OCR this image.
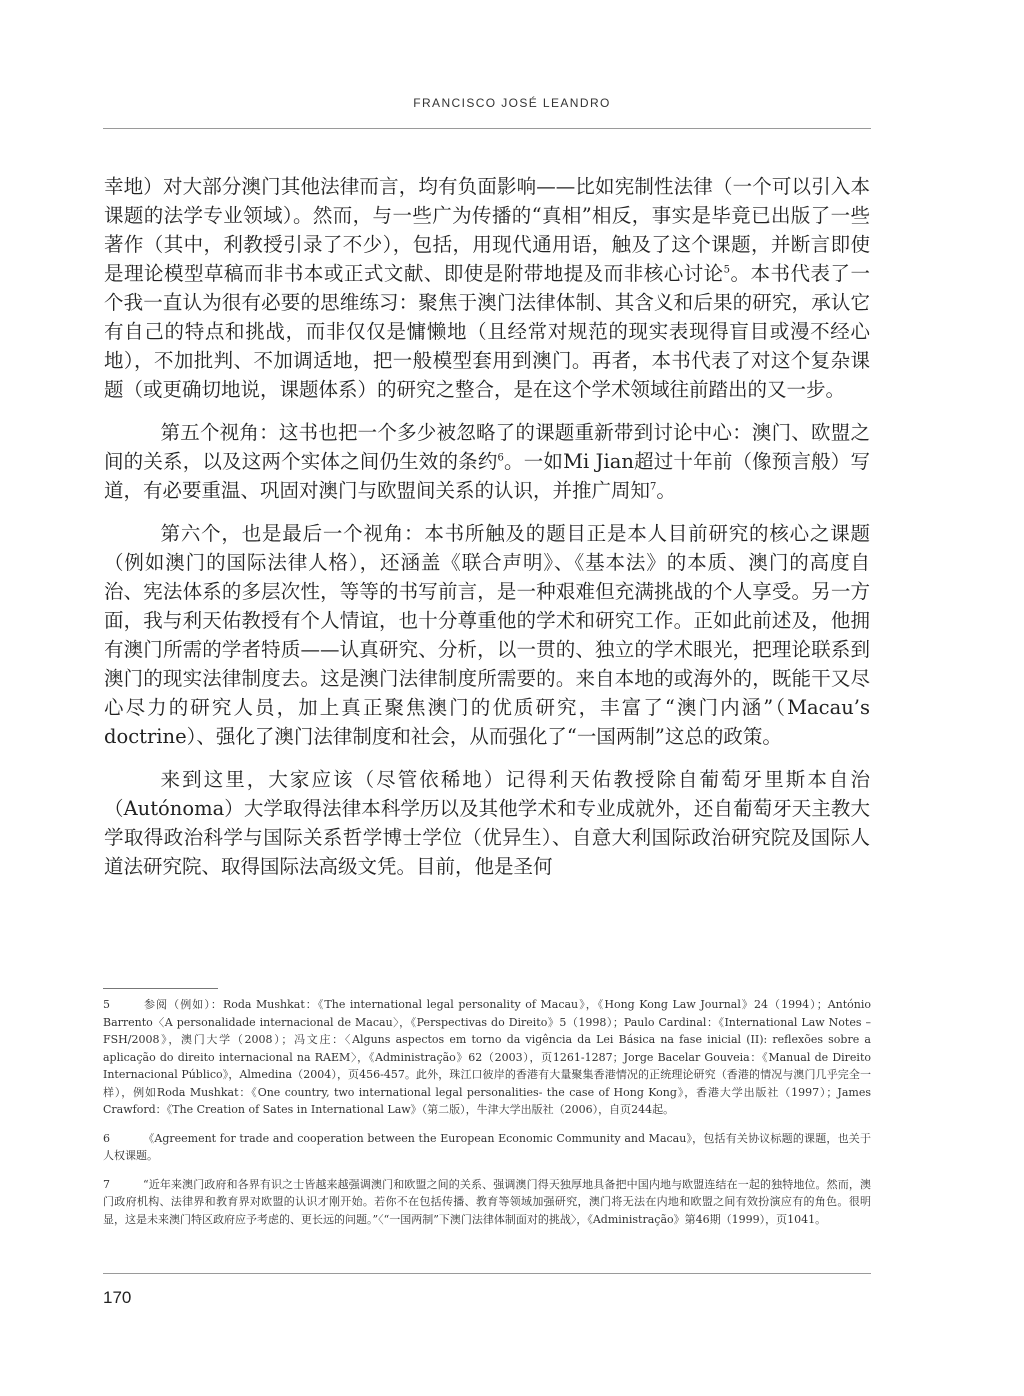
FRANCISCO JOSÉ LEANDRO

幸地）对大部分澳门其他法律而言，均有负面影响——比如宪制性法律（一个可以引入本课题的法学专业领域）。然而，与一些广为传播的“真相”相反，事实是毕竟已出版了一些著作（其中，利教授引录了不少），包括，用现代通用语，触及了这个课题，并断言即使是理论模型草稿而非书本或正式文献、即使是附带地提及而非核心讨论$^5$。本书代表了一个我一直认为很有必要的思维练习：聚焦于澳门法律体制、其含义和后果的研究，承认它有自己的特点和挑战，而非仅仅是慵懒地（且经常对规范的现实表现得盲目或漫不经心地），不加批判、不加调适地，把一般模型套用到澳门。再者，本书代表了对这个复杂课题（或更确切地说，课题体系）的研究之整合，是在这个学术领域往前踏出的又一步。

第五个视角：这书也把一个多少被忽略了的课题重新带到讨论中心：澳门、欧盟之间的关系，以及这两个实体之间仍生效的条约$^6$。一如Mi Jian超过十年前（像预言般）写道，有必要重温、巩固对澳门与欧盟间关系的认识，并推广周知$^7$。

第六个，也是最后一个视角：本书所触及的题目正是本人目前研究的核心之课题（例如澳门的国际法律人格），还涵盖《联合声明》、《基本法》的本质、澳门的高度自治、宪法体系的多层次性，等等的书写前言，是一种艰难但充满挑战的个人享受。另一方面，我与利天佑教授有个人情谊，也十分尊重他的学术和研究工作。正如此前述及，他拥有澳门所需的学者特质——认真研究、分析，以一贯的、独立的学术眼光，把理论联系到澳门的现实法律制度去。这是澳门法律制度所需要的。来自本地的或海外的，既能干又尽心尽力的研究人员，加上真正聚焦澳门的优质研究，丰富了“澳门内涵”（Macau’s doctrine）、强化了澳门法律制度和社会，从而强化了“一国两制”这总的政策。

来到这里，大家应该（尽管依稀地）记得利天佑教授除自葡萄牙里斯本自治（Autónoma）大学取得法律本科学历以及其他学术和专业成就外，还自葡萄牙天主教大学取得政治科学与国际关系哲学博士学位（优异生）、自意大利国际政治研究院及国际人道法研究院、取得国际法高级文凭。目前，他是圣何

5	参阅（例如）：Roda Mushkat：《The international legal personality of Macau》，《Hong Kong Law Journal》24（1994）；António Barrento〈A personalidade internacional de Macau〉，《Perspectivas do Direito》5（1998）；Paulo Cardinal：《International Law Notes – FSH/2008》，澳门大学（2008）；冯文庄：〈Alguns aspectos em torno da vigência da Lei Básica na fase inicial (II): reflexões sobre a aplicação do direito internacional na RAEM〉，《Administração》62（2003），页1261-1287；Jorge Bacelar Gouveia：《Manual de Direito Internacional Público》，Almedina（2004），页456-457。此外，珠江口彼岸的香港有大量聚集香港情况的正统理论研究（香港的情况与澳门几乎完全一样），例如Roda Mushkat：《One country, two international legal personalities- the case of Hong Kong》，香港大学出版社（1997）；James Crawford：《The Creation of Sates in International Law》（第二版），牛津大学出版社（2006），自页244起。
6	《Agreement for trade and cooperation between the European Economic Community and Macau》，包括有关协议标题的课题，也关于人权课题。
7	“近年来澳门政府和各界有识之士皆越来越强调澳门和欧盟之间的关系、强调澳门得天独厚地具备把中国内地与欧盟连结在一起的独特地位。然而，澳门政府机构、法律界和教育界对欧盟的认识才刚开始。若你不在包括传播、教育等领域加强研究，澳门将无法在内地和欧盟之间有效扮演应有的角色。很明显，这是未来澳门特区政府应予考虑的、更长远的问题。”〈“一国两制”下澳门法律体制面对的挑战〉，《Administração》第46期（1999），页1041。
170
